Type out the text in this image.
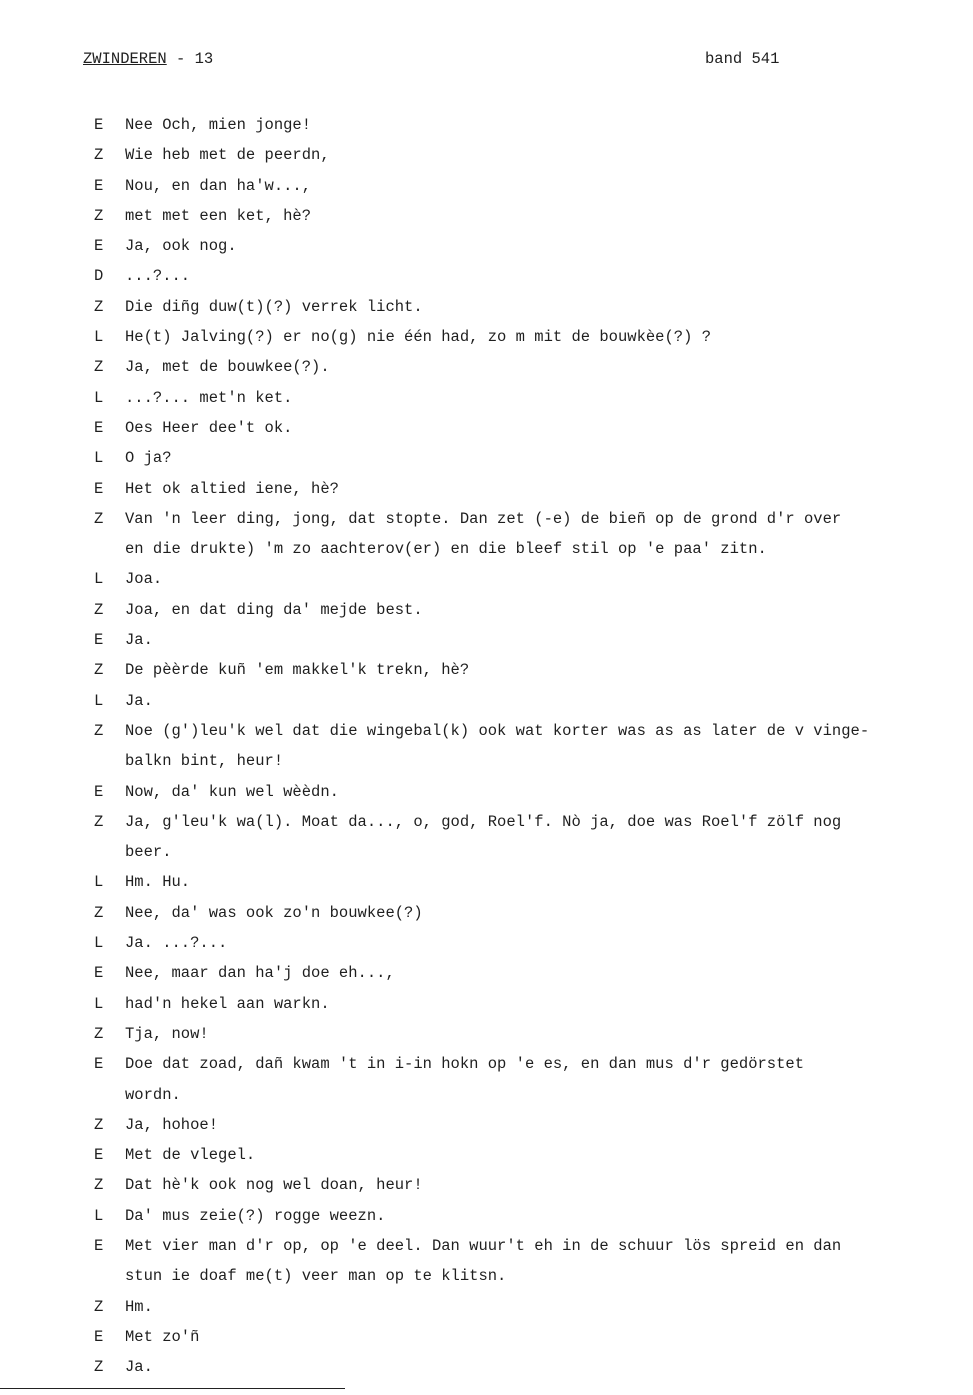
ZWINDEREN - 13	band 541
E	Nee Och, mien jonge!
Z	Wie heb met de peerdn,
E	Nou, en dan ha'w...,
Z	met met een ket, hè?
E	Ja, ook nog.
D	...?...
Z	Die diñg duw(t)(?) verrek licht.
L	He(t) Jalving(?) er no(g) nie één had, zo m mit de bouwkèe(?) ?
Z	Ja, met de bouwkee(?).
L	...?... met'n ket.
E	Oes Heer dee't ok.
L	O ja?
E	Het ok altied iene, hè?
Z	Van 'n leer ding, jong, dat stopte. Dan zet (-e) de bieñ op de grond d'r over
en die drukte) 'm zo aachterov(er) en die bleef stil op 'e paa' zitn.
L	Joa.
Z	Joa, en dat ding da' mejde best.
E	Ja.
Z	De pèèrde kuñ 'em makkel'k trekn, hè?
L	Ja.
Z	Noe (g')leu'k wel dat die wingebal(k) ook wat korter was as as later de v vinge-
balkn bint, heur!
E	Now, da' kun wel wèèdn.
Z	Ja, g'leu'k wa(l). Moat da..., o, god, Roel'f. Nò ja, doe was Roel'f zölf nog
beer.
L	Hm. Hu.
Z	Nee, da' was ook zo'n bouwkee(?)
L	Ja. ...?...
E	Nee, maar dan ha'j doe eh...,
L	had'n hekel aan warkn.
Z	Tja, now!
E	Doe dat zoad, dañ kwam 't in i-in hokn op 'e es, en dan mus d'r gedörstet
wordn.
Z	Ja, hohoe!
E	Met de vlegel.
Z	Dat hè'k ook nog wel doan, heur!
L	Da' mus zeie(?) rogge weezn.
E	Met vier man d'r op, op 'e deel. Dan wuur't eh in de schuur lös spreid en dan
stun ie doaf me(t) veer man op te klitsn.
Z	Hm.
E	Met zo'ñ
Z	Ja.
